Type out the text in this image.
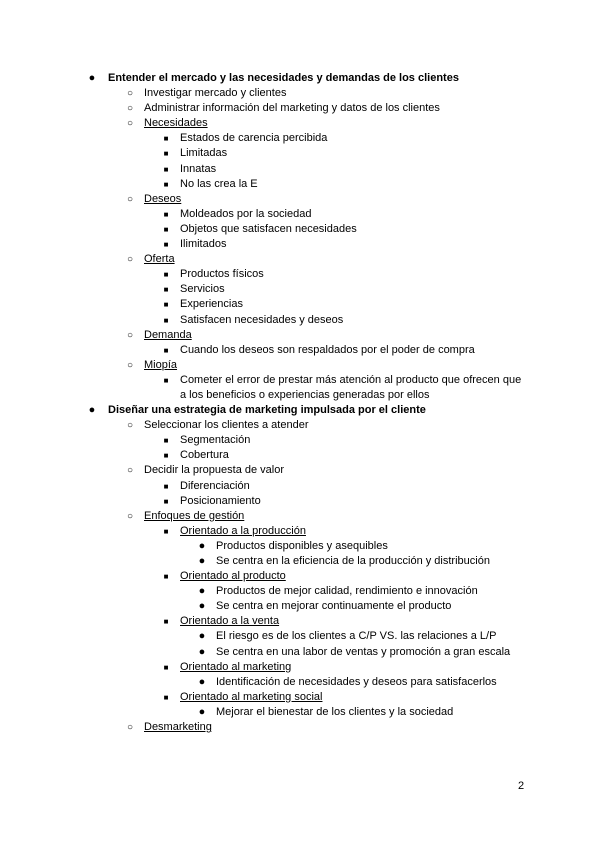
● Entender el mercado y las necesidades y demandas de los clientes
○ Investigar mercado y clientes
○ Administrar información del marketing y datos de los clientes
○ Necesidades
■	Estados de carencia percibida
■	Limitadas
■	Innatas
■	No las crea la E
○ Deseos
■	Moldeados por la sociedad
■	Objetos que satisfacen necesidades
■	Ilimitados
○ Oferta
■	Productos físicos
■	Servicios
■	Experiencias
■	Satisfacen necesidades y deseos
○ Demanda
■	Cuando los deseos son respaldados por el poder de compra
○ Miopía
■	Cometer el error de prestar más atención al producto que ofrecen que
a los beneficios o experiencias generadas por ellos
● Diseñar una estrategia de marketing impulsada por el cliente
○ Seleccionar los clientes a atender
■	Segmentación
■	Cobertura
○ Decidir la propuesta de valor
■	Diferenciación
■	Posicionamiento
○ Enfoques de gestión
■	Orientado a la producción
● Productos disponibles y asequibles
● Se centra en la eficiencia de la producción y distribución
■	Orientado al producto
● Productos de mejor calidad, rendimiento e innovación
● Se centra en mejorar continuamente el producto
■	Orientado a la venta
● El riesgo es de los clientes a C/P VS. las relaciones a L/P
● Se centra en una labor de ventas y promoción a gran escala
■	Orientado al marketing
● Identificación de necesidades y deseos para satisfacerlos
■	Orientado al marketing social
● Mejorar el bienestar de los clientes y la sociedad
○ Desmarketing
2
